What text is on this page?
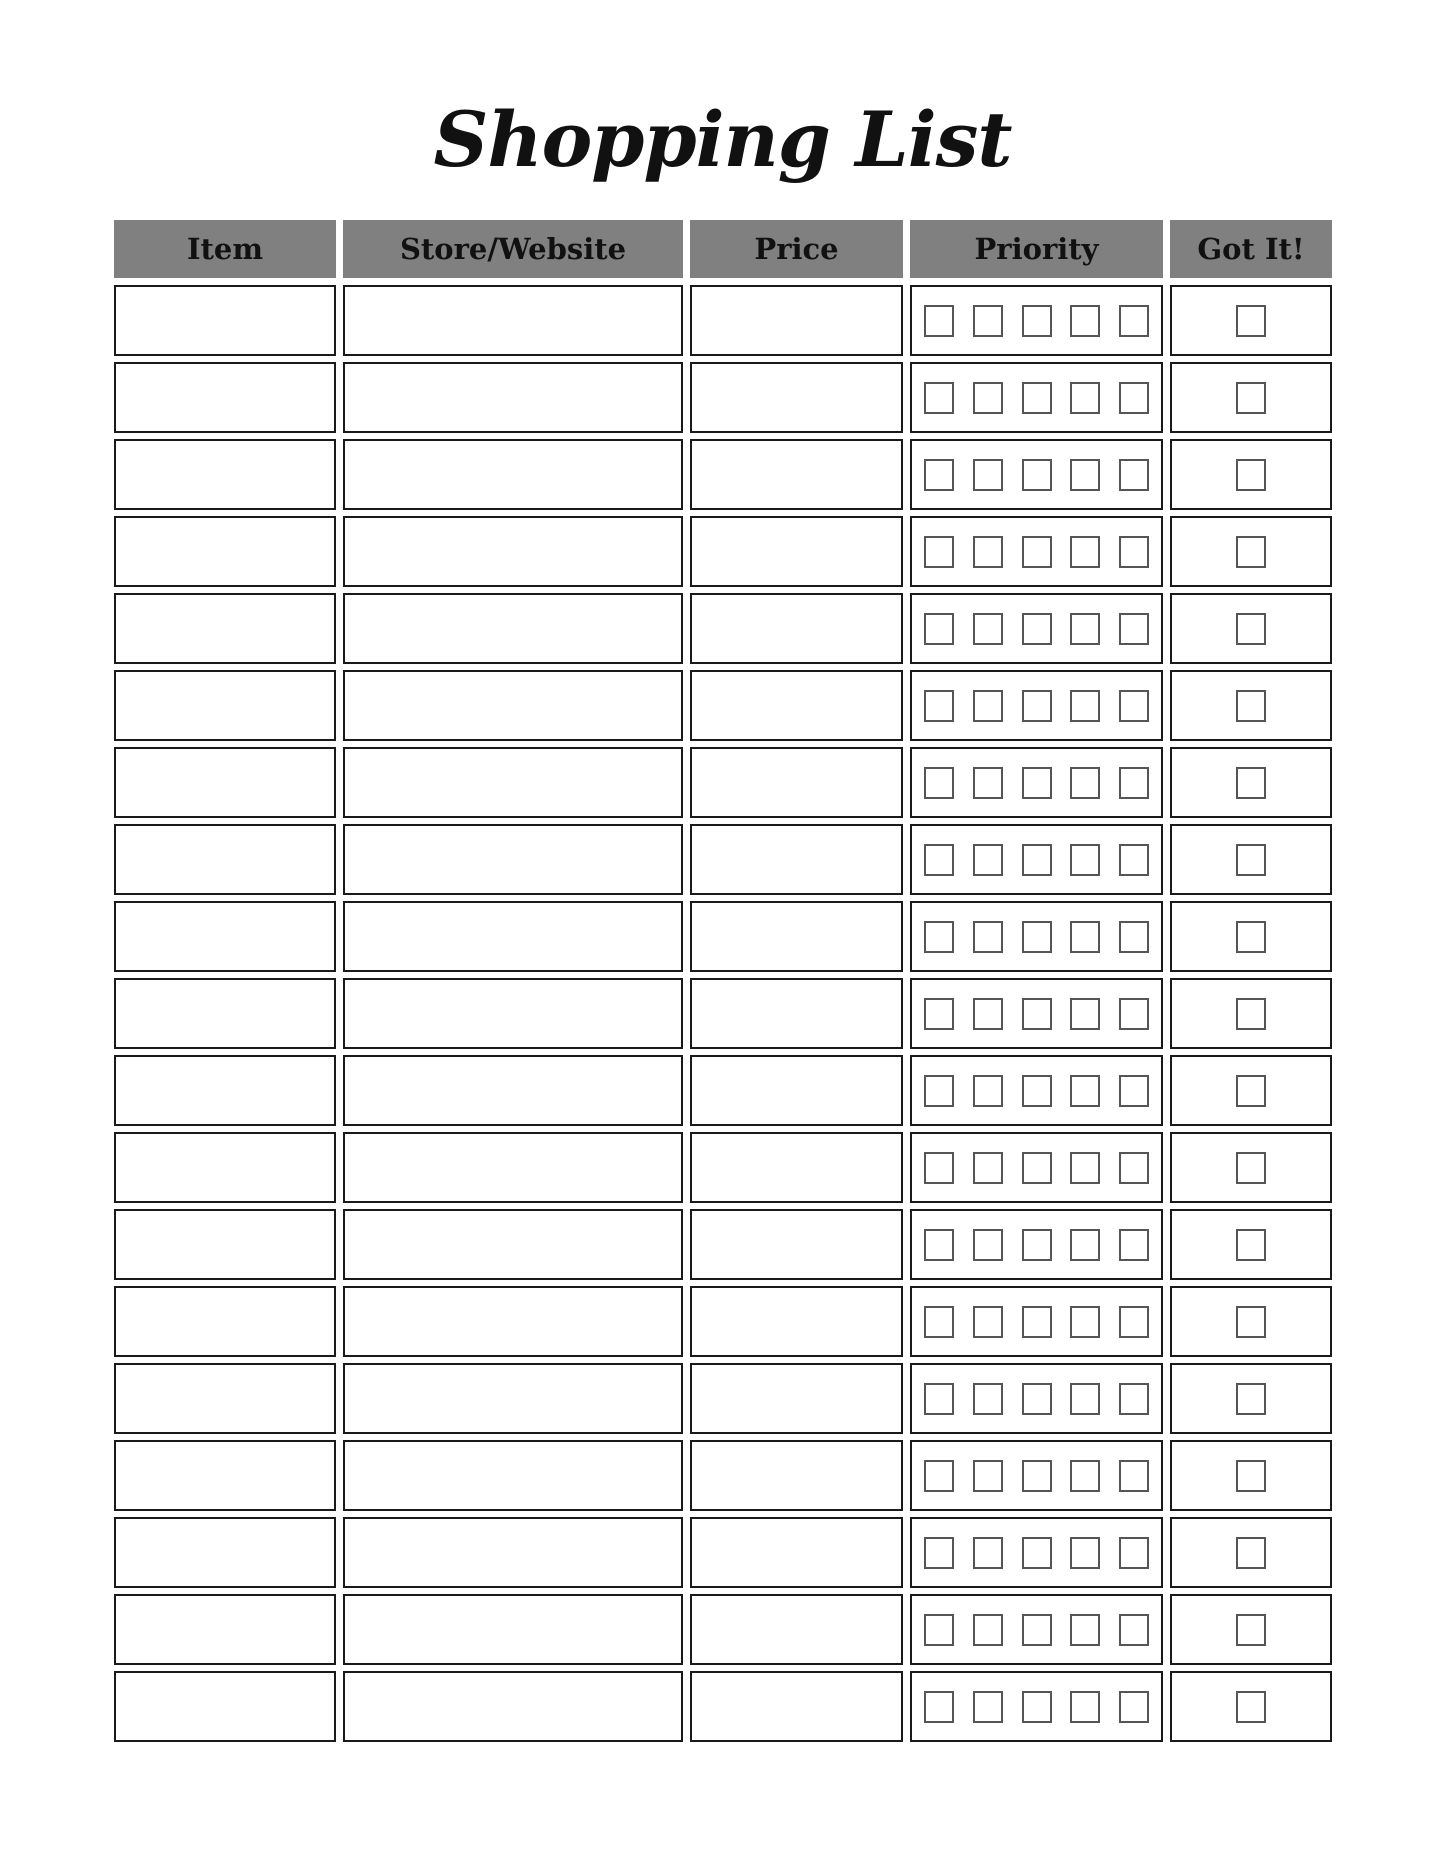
Shopping List
Item	Store/Website	Price	Priority	Got It!
